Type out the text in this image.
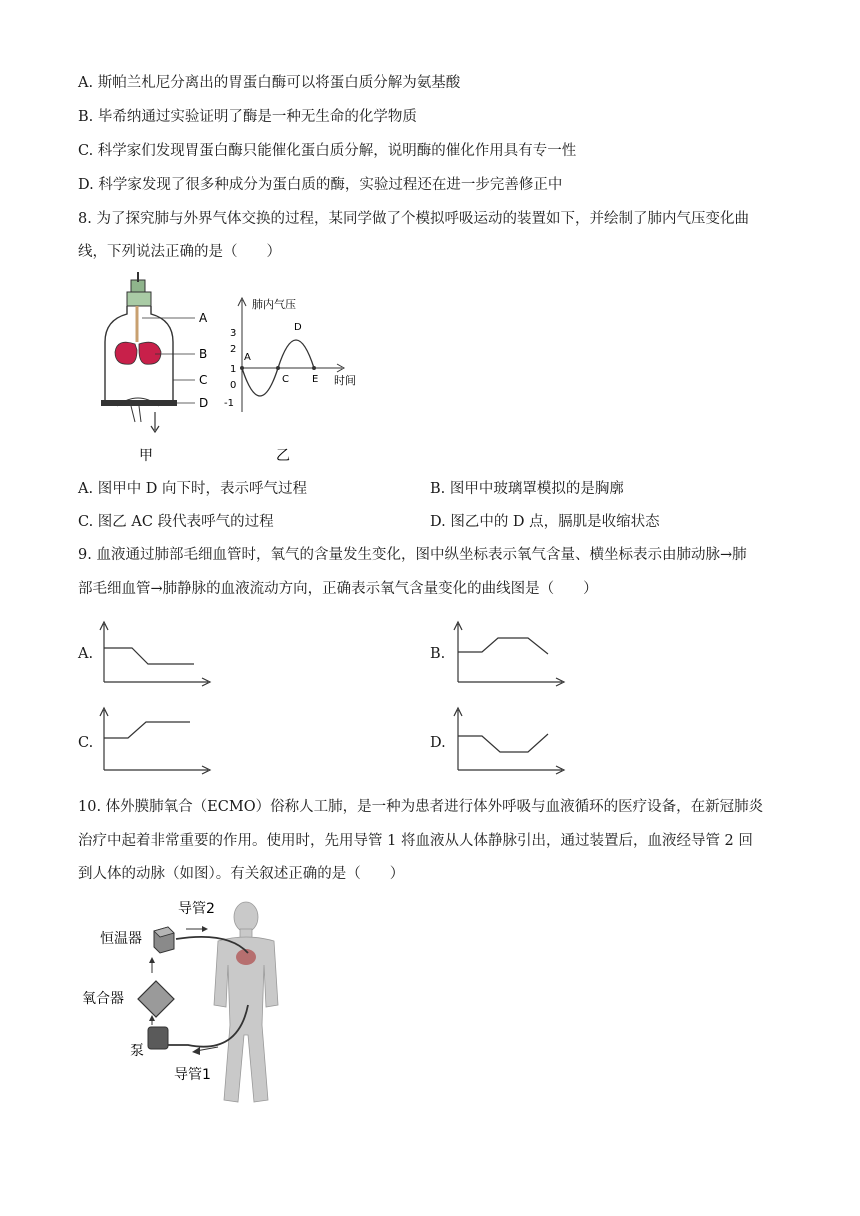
A. 斯帕兰札尼分离出的胃蛋白酶可以将蛋白质分解为氨基酸
B. 毕希纳通过实验证明了酶是一种无生命的化学物质
C. 科学家们发现胃蛋白酶只能催化蛋白质分解，说明酶的催化作用具有专一性
D. 科学家发现了很多种成分为蛋白质的酶，实验过程还在进一步完善修正中
8. 为了探究肺与外界气体交换的过程，某同学做了个模拟呼吸运动的装置如下，并绘制了肺内气压变化曲
线，下列说法正确的是（　　）
A
B
C
D
甲
肺内气压
时间
3
2
1
0
-1
A
C
D
E
乙
A. 图甲中 D 向下时，表示呼气过程	B. 图甲中玻璃罩模拟的是胸廓
C. 图乙 AC 段代表呼气的过程	D. 图乙中的 D 点，膈肌是收缩状态
9. 血液通过肺部毛细血管时，氧气的含量发生变化，图中纵坐标表示氧气含量、横坐标表示由肺动脉→肺
部毛细血管→肺静脉的血液流动方向，正确表示氧气含量变化的曲线图是（　　）
A.	B.
C.	D.
10. 体外膜肺氧合（ECMO）俗称人工肺，是一种为患者进行体外呼吸与血液循环的医疗设备，在新冠肺炎
治疗中起着非常重要的作用。使用时，先用导管 1 将血液从人体静脉引出，通过装置后，血液经导管 2 回
到人体的动脉（如图）。有关叙述正确的是（　　）
导管2
恒温器
氧合器
泵
导管1
